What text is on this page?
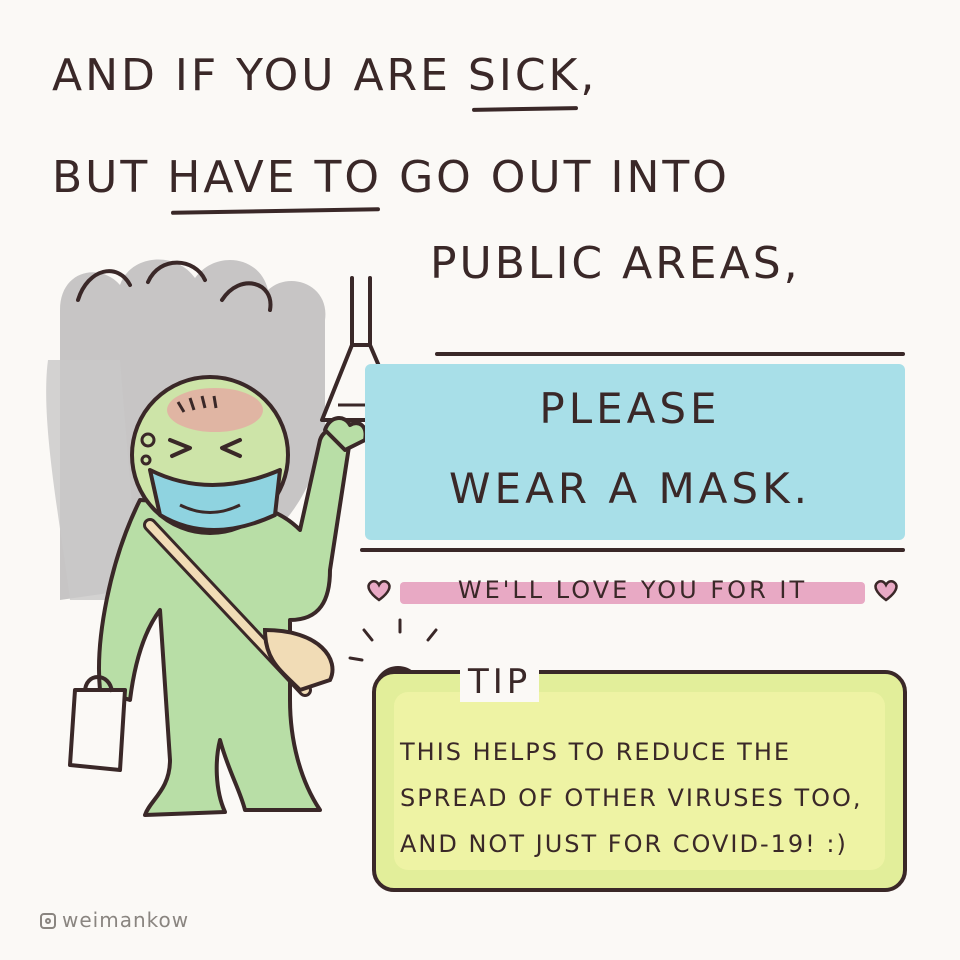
AND IF YOU ARE SICK,
BUT HAVE TO GO OUT INTO
PUBLIC AREAS,
PLEASE
WEAR A MASK.
WE'LL LOVE YOU FOR IT
TIP
THIS HELPS TO REDUCE THE
SPREAD OF OTHER VIRUSES TOO,
AND NOT JUST FOR COVID-19! :)
weimankow
